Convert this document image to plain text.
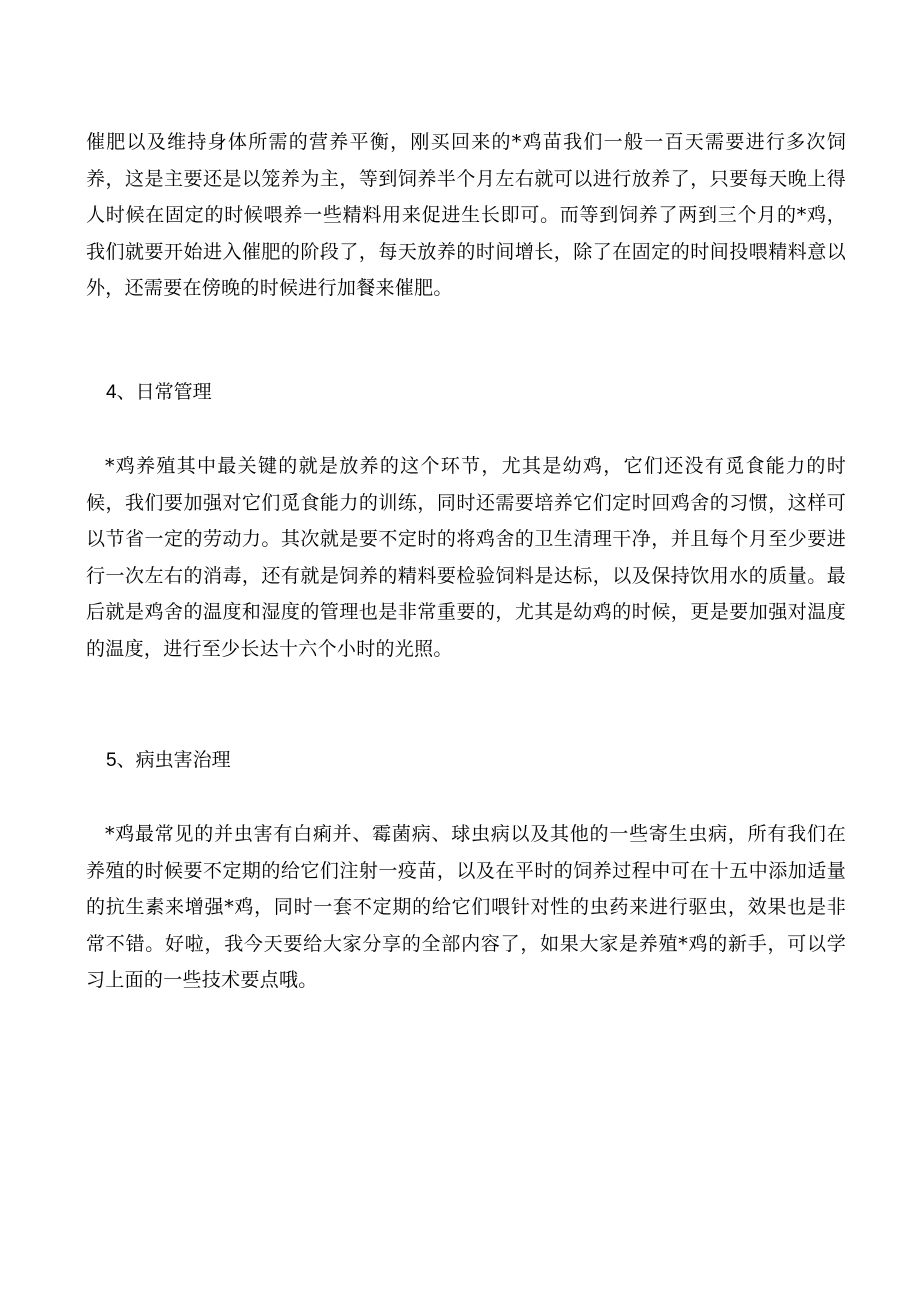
催肥以及维持身体所需的营养平衡，刚买回来的*鸡苗我们一般一百天需要进行多次饲养，这是主要还是以笼养为主，等到饲养半个月左右就可以进行放养了，只要每天晚上得人时候在固定的时候喂养一些精料用来促进生长即可。而等到饲养了两到三个月的*鸡，我们就要开始进入催肥的阶段了，每天放养的时间增长，除了在固定的时间投喂精料意以外，还需要在傍晚的时候进行加餐来催肥。

4、日常管理

*鸡养殖其中最关键的就是放养的这个环节，尤其是幼鸡，它们还没有觅食能力的时候，我们要加强对它们觅食能力的训练，同时还需要培养它们定时回鸡舍的习惯，这样可以节省一定的劳动力。其次就是要不定时的将鸡舍的卫生清理干净，并且每个月至少要进行一次左右的消毒，还有就是饲养的精料要检验饲料是达标，以及保持饮用水的质量。最后就是鸡舍的温度和湿度的管理也是非常重要的，尤其是幼鸡的时候，更是要加强对温度的温度，进行至少长达十六个小时的光照。

5、病虫害治理

*鸡最常见的并虫害有白痢并、霉菌病、球虫病以及其他的一些寄生虫病，所有我们在养殖的时候要不定期的给它们注射一疫苗，以及在平时的饲养过程中可在十五中添加适量的抗生素来增强*鸡，同时一套不定期的给它们喂针对性的虫药来进行驱虫，效果也是非常不错。好啦，我今天要给大家分享的全部内容了，如果大家是养殖*鸡的新手，可以学习上面的一些技术要点哦。
